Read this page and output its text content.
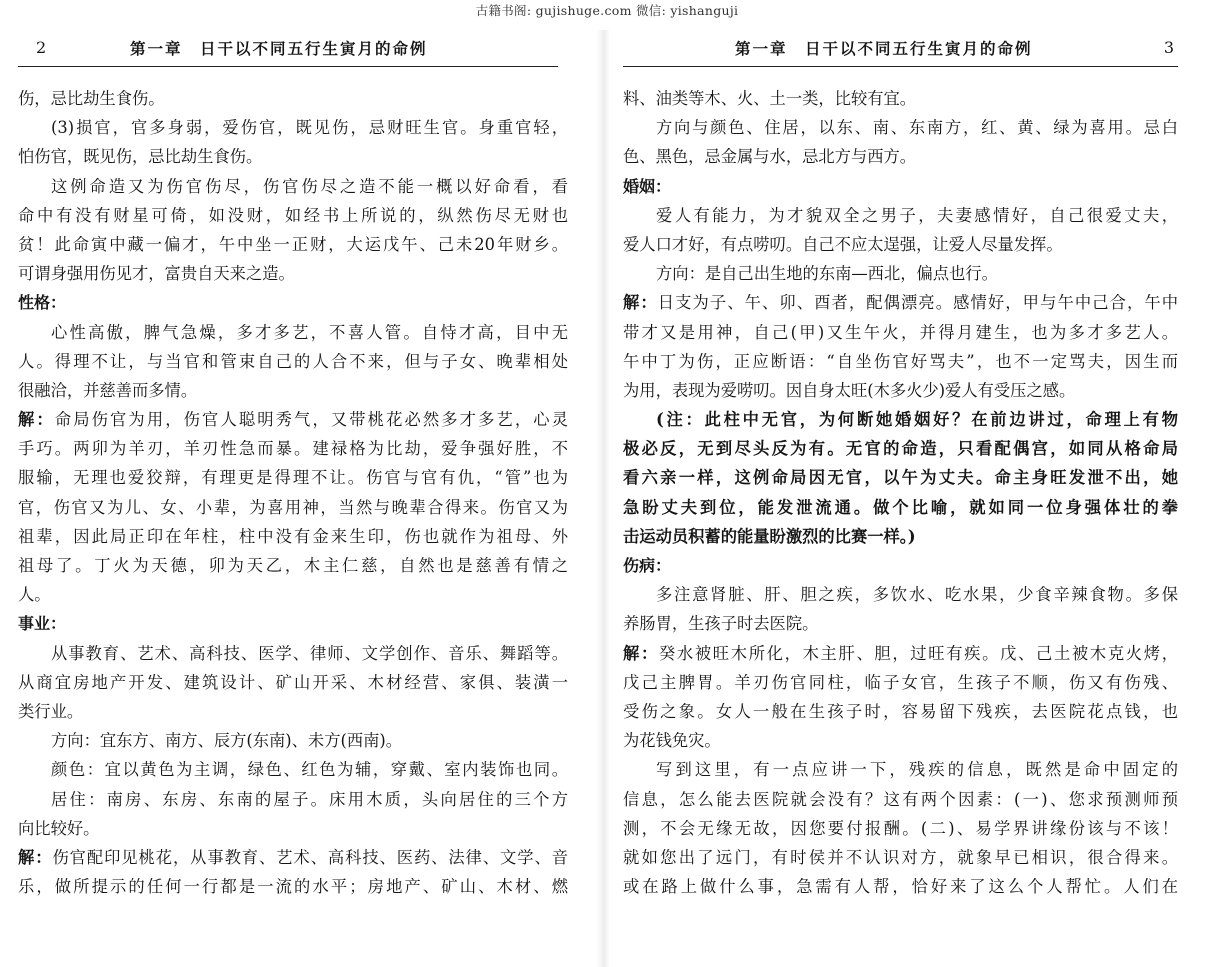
古籍书阁: gujishuge.com 微信: yishanguji
2	第一章　日干以不同五行生寅月的命例
伤，忌比劫生食伤。
(3)损官，官多身弱，爱伤官，既见伤，忌财旺生官。身重官轻，
怕伤官，既见伤，忌比劫生食伤。
这例命造又为伤官伤尽，伤官伤尽之造不能一概以好命看，看
命中有没有财星可倚，如没财，如经书上所说的，纵然伤尽无财也
贫！此命寅中藏一偏才，午中坐一正财，大运戊午、己未20年财乡。
可谓身强用伤见才，富贵自天来之造。
性格：
心性高傲，脾气急燥，多才多艺，不喜人管。自恃才高，目中无
人。得理不让，与当官和管束自己的人合不来，但与子女、晚辈相处
很融洽，并慈善而多情。
解：命局伤官为用，伤官人聪明秀气，又带桃花必然多才多艺，心灵
手巧。两卯为羊刃，羊刃性急而暴。建禄格为比劫，爱争强好胜，不
服输，无理也爱狡辩，有理更是得理不让。伤官与官有仇，“管”也为
官，伤官又为儿、女、小辈，为喜用神，当然与晚辈合得来。伤官又为
祖辈，因此局正印在年柱，柱中没有金来生印，伤也就作为祖母、外
祖母了。丁火为天德，卯为天乙，木主仁慈，自然也是慈善有情之
人。
事业：
从事教育、艺术、高科技、医学、律师、文学创作、音乐、舞蹈等。
从商宜房地产开发、建筑设计、矿山开采、木材经营、家俱、装潢一
类行业。
方向：宜东方、南方、辰方(东南)、未方(西南)。
颜色：宜以黄色为主调，绿色、红色为辅，穿戴、室内装饰也同。
居住：南房、东房、东南的屋子。床用木质，头向居住的三个方
向比较好。
解：伤官配印见桃花，从事教育、艺术、高科技、医药、法律、文学、音
乐，做所提示的任何一行都是一流的水平；房地产、矿山、木材、燃
第一章　日干以不同五行生寅月的命例	3
料、油类等木、火、土一类，比较有宜。
方向与颜色、住居，以东、南、东南方，红、黄、绿为喜用。忌白
色、黑色，忌金属与水，忌北方与西方。
婚姻：
爱人有能力，为才貌双全之男子，夫妻感情好，自己很爱丈夫，
爱人口才好，有点唠叨。自己不应太逞强，让爱人尽量发挥。
方向：是自己出生地的东南—西北，偏点也行。
解：日支为子、午、卯、酉者，配偶漂亮。感情好，甲与午中己合，午中
带才又是用神，自己(甲)又生午火，并得月建生，也为多才多艺人。
午中丁为伤，正应断语：“自坐伤官好骂夫”，也不一定骂夫，因生而
为用，表现为爱唠叨。因自身太旺(木多火少)爱人有受压之感。
(注：此柱中无官，为何断她婚姻好？在前边讲过，命理上有物
极必反，无到尽头反为有。无官的命造，只看配偶宫，如同从格命局
看六亲一样，这例命局因无官，以午为丈夫。命主身旺发泄不出，她
急盼丈夫到位，能发泄流通。做个比喻，就如同一位身强体壮的拳
击运动员积蓄的能量盼激烈的比赛一样。)
伤病：
多注意肾脏、肝、胆之疾，多饮水、吃水果，少食辛辣食物。多保
养肠胃，生孩子时去医院。
解：癸水被旺木所化，木主肝、胆，过旺有疾。戊、己土被木克火烤，
戊己主脾胃。羊刃伤官同柱，临子女官，生孩子不顺，伤又有伤残、
受伤之象。女人一般在生孩子时，容易留下残疾，去医院花点钱，也
为花钱免灾。
写到这里，有一点应讲一下，残疾的信息，既然是命中固定的
信息，怎么能去医院就会没有？这有两个因素：(一)、您求预测师预
测，不会无缘无故，因您要付报酬。(二)、易学界讲缘份该与不该！
就如您出了远门，有时侯并不认识对方，就象早已相识，很合得来。
或在路上做什么事，急需有人帮，恰好来了这么个人帮忙。人们在
